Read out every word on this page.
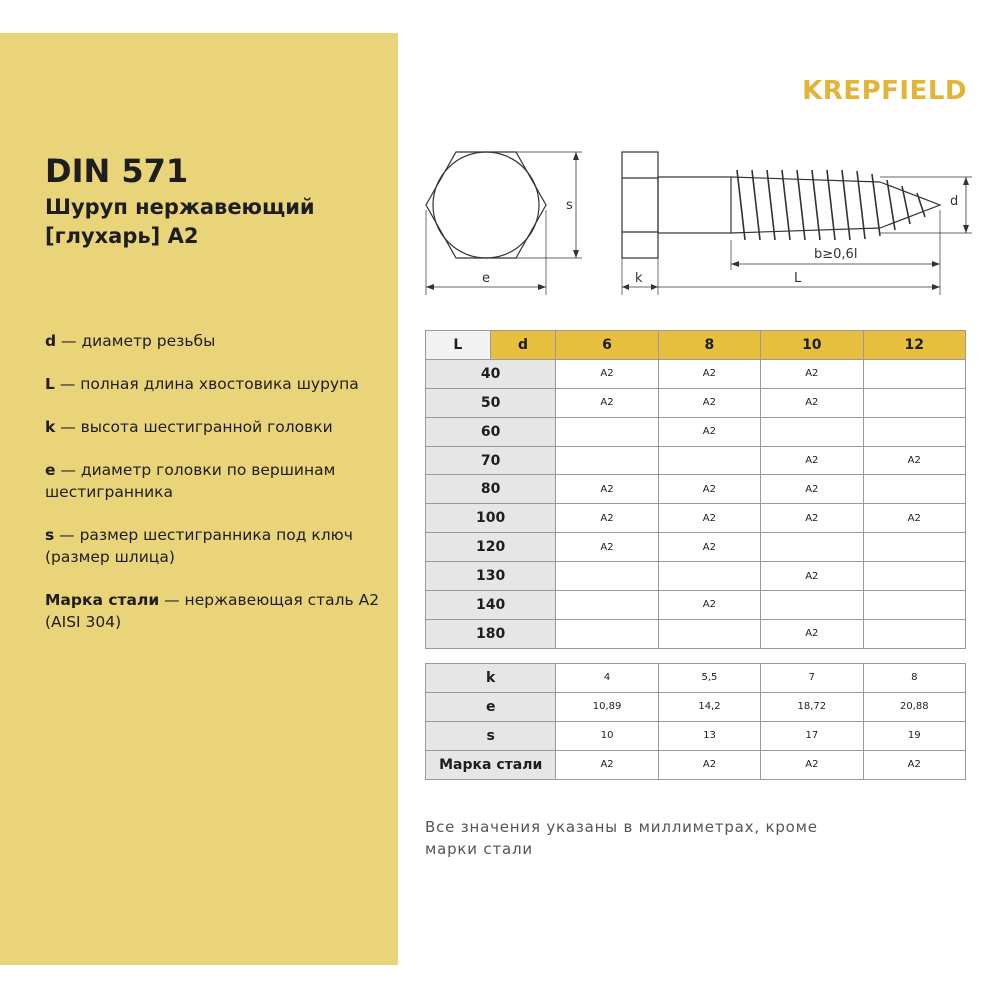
DIN 571
Шуруп нержавеющий [глухарь] A2
d — диаметр резьбы
L — полная длина хвостовика шурупа
k — высота шестигранной головки
e — диаметр головки по вершинам шестигранника
s — размер шестигранника под ключ (размер шлица)
Марка стали — нержавеющая сталь A2 (AISI 304)
KREPFIELD
s
e	k	L
b≥0,6l
d
L	d	6	8	10	12
40		A2	A2	A2	
50		A2	A2	A2	
60			A2		
70				A2	A2
80		A2	A2	A2	
100		A2	A2	A2	A2
120		A2	A2		
130				A2	
140			A2		
180				A2	
k	4	5,5	7	8
e	10,89	14,2	18,72	20,88
s	10	13	17	19
Марка стали	A2	A2	A2	A2
Все значения указаны в миллиметрах, кроме марки стали
